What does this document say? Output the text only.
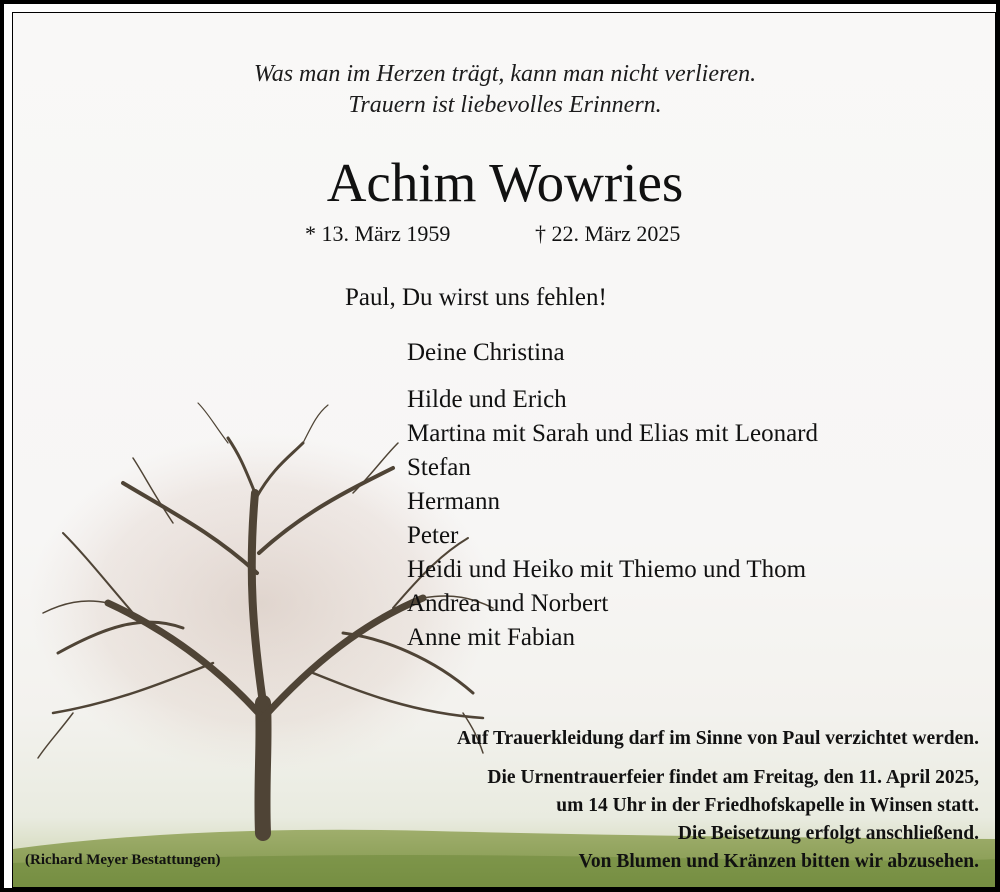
Was man im Herzen trägt, kann man nicht verlieren.
Trauern ist liebevolles Erinnern.
Achim Wowries
* 13. März 1959	† 22. März 2025
Paul, Du wirst uns fehlen!
Deine Christina
Hilde und Erich
Martina mit Sarah und Elias mit Leonard
Stefan
Hermann
Peter
Heidi und Heiko mit Thiemo und Thom
Andrea und Norbert
Anne mit Fabian
Auf Trauerkleidung darf im Sinne von Paul verzichtet werden.
Die Urnentrauerfeier findet am Freitag, den 11. April 2025,
um 14 Uhr in der Friedhofskapelle in Winsen statt.
Die Beisetzung erfolgt anschließend.
Von Blumen und Kränzen bitten wir abzusehen.
(Richard Meyer Bestattungen)
